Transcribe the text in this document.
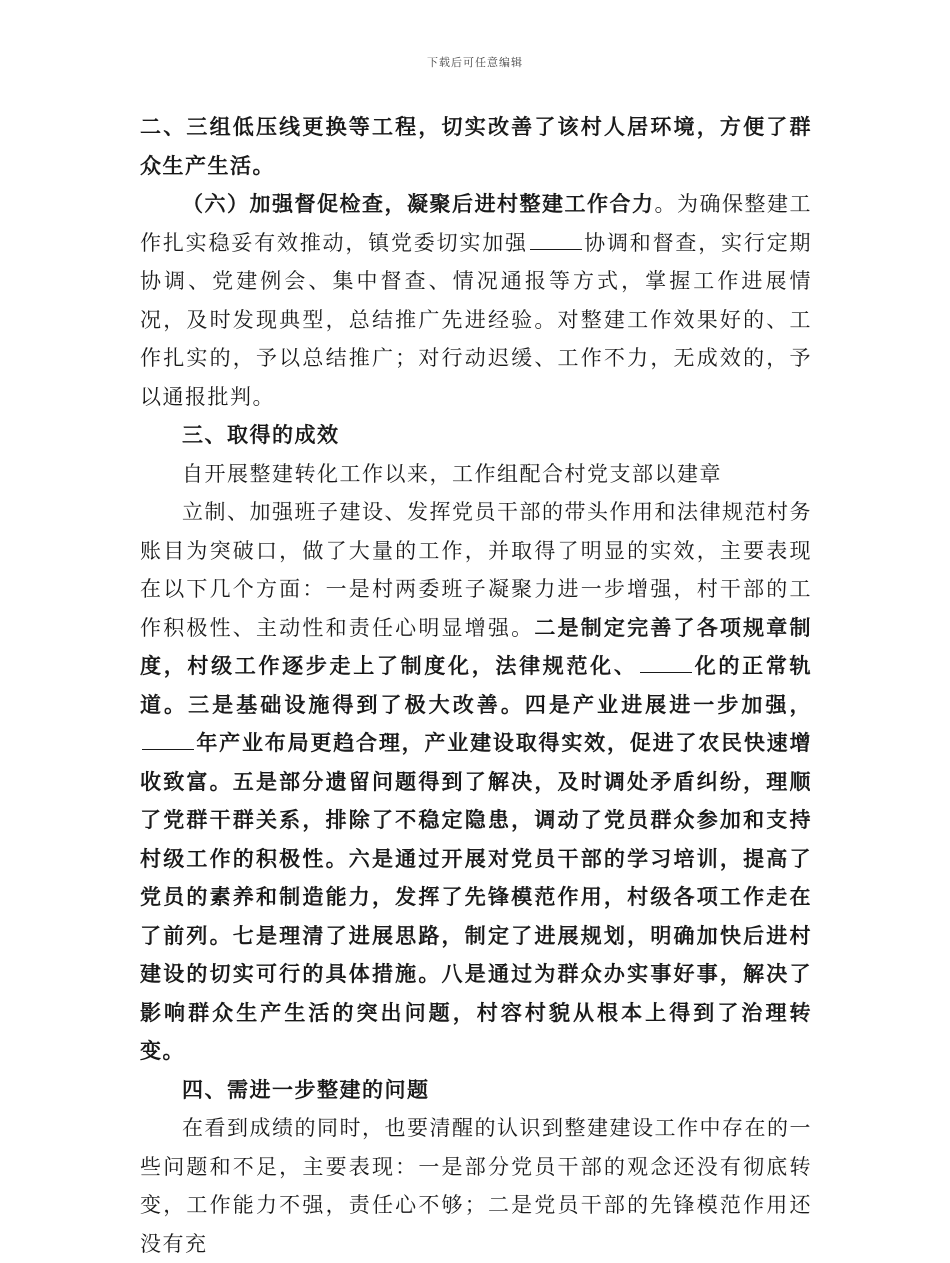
下载后可任意编辑

二、三组低压线更换等工程，切实改善了该村人居环境，方便了群众生产生活。

（六）加强督促检查，凝聚后进村整建工作合力。为确保整建工作扎实稳妥有效推动，镇党委切实加强	协调和督查，实行定期协调、党建例会、集中督查、情况通报等方式，掌握工作进展情况，及时发现典型，总结推广先进经验。对整建工作效果好的、工作扎实的，予以总结推广；对行动迟缓、工作不力，无成效的，予以通报批判。

三、取得的成效

自开展整建转化工作以来，工作组配合村党支部以建章

立制、加强班子建设、发挥党员干部的带头作用和法律规范村务账目为突破口，做了大量的工作，并取得了明显的实效，主要表现在以下几个方面：一是村两委班子凝聚力进一步增强，村干部的工作积极性、主动性和责任心明显增强。二是制定完善了各项规章制度，村级工作逐步走上了制度化，法律规范化、	化的正常轨道。三是基础设施得到了极大改善。四是产业进展进一步加强，年产业布局更趋合理，产业建设取得实效，促进了农民快速增收致富。五是部分遗留问题得到了解决，及时调处矛盾纠纷，理顺了党群干群关系，排除了不稳定隐患，调动了党员群众参加和支持村级工作的积极性。六是通过开展对党员干部的学习培训，提高了党员的素养和制造能力，发挥了先锋模范作用，村级各项工作走在了前列。七是理清了进展思路，制定了进展规划，明确加快后进村建设的切实可行的具体措施。八是通过为群众办实事好事，解决了影响群众生产生活的突出问题，村容村貌从根本上得到了治理转变。

四、需进一步整建的问题

在看到成绩的同时，也要清醒的认识到整建建设工作中存在的一些问题和不足，主要表现：一是部分党员干部的观念还没有彻底转变，工作能力不强，责任心不够；二是党员干部的先锋模范作用还没有充
